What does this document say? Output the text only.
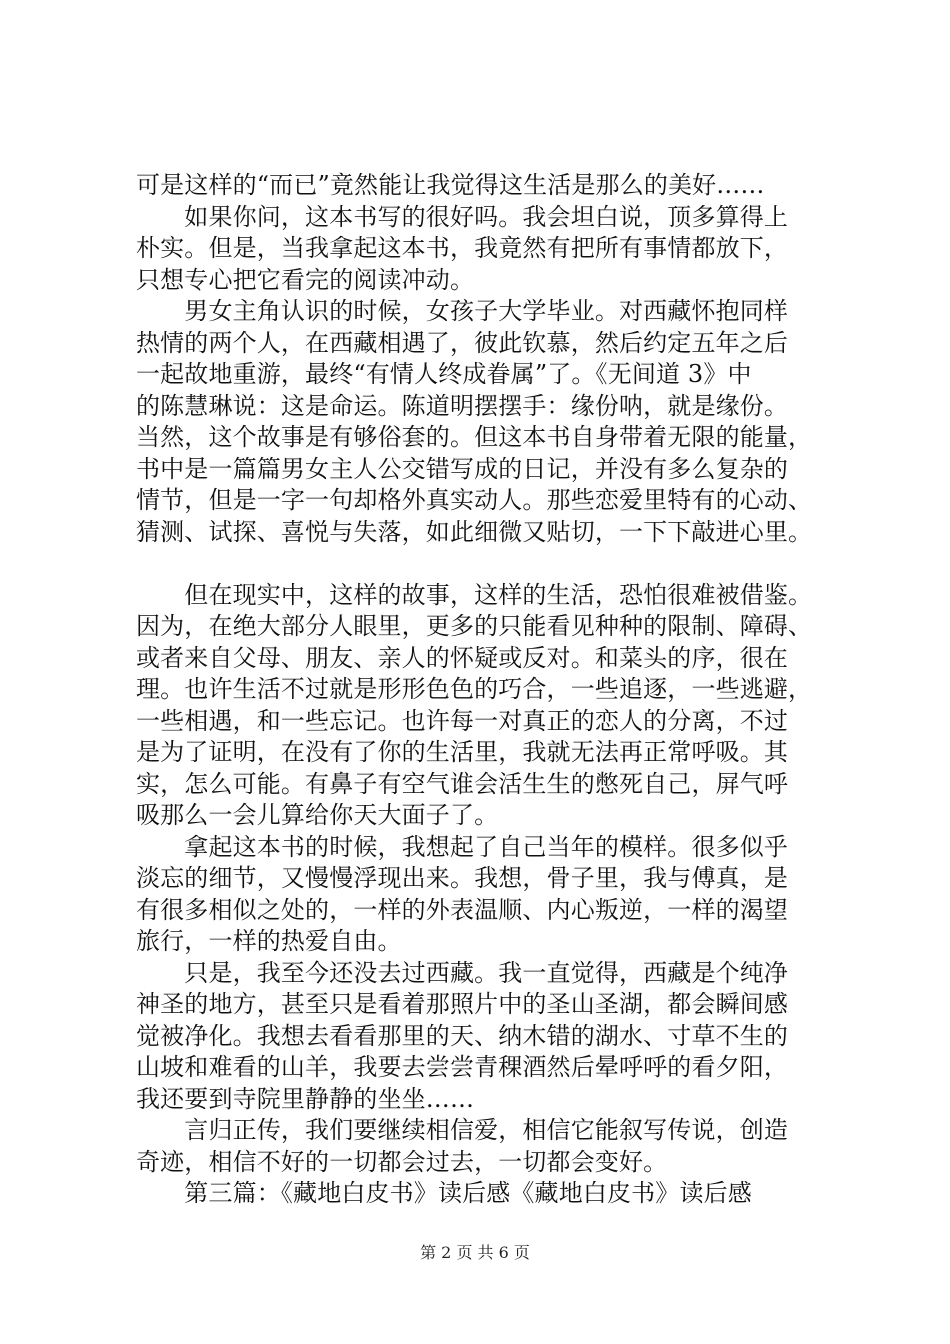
可是这样的“而已”竟然能让我觉得这生活是那么的美好……
　　如果你问，这本书写的很好吗。我会坦白说，顶多算得上
朴实。但是，当我拿起这本书，我竟然有把所有事情都放下，
只想专心把它看完的阅读冲动。
　　男女主角认识的时候，女孩子大学毕业。对西藏怀抱同样
热情的两个人，在西藏相遇了，彼此钦慕，然后约定五年之后
一起故地重游，最终“有情人终成眷属”了。《无间道 3》中
的陈慧琳说：这是命运。陈道明摆摆手：缘份呐，就是缘份。
当然，这个故事是有够俗套的。但这本书自身带着无限的能量，
书中是一篇篇男女主人公交错写成的日记，并没有多么复杂的
情节，但是一字一句却格外真实动人。那些恋爱里特有的心动、
猜测、试探、喜悦与失落，如此细微又贴切，一下下敲进心里。
　　但在现实中，这样的故事，这样的生活，恐怕很难被借鉴。
因为，在绝大部分人眼里，更多的只能看见种种的限制、障碍、
或者来自父母、朋友、亲人的怀疑或反对。和菜头的序，很在
理。也许生活不过就是形形色色的巧合，一些追逐，一些逃避，
一些相遇，和一些忘记。也许每一对真正的恋人的分离，不过
是为了证明，在没有了你的生活里，我就无法再正常呼吸。其
实，怎么可能。有鼻子有空气谁会活生生的憋死自己，屏气呼
吸那么一会儿算给你天大面子了。
　　拿起这本书的时候，我想起了自己当年的模样。很多似乎
淡忘的细节，又慢慢浮现出来。我想，骨子里，我与傅真，是
有很多相似之处的，一样的外表温顺、内心叛逆，一样的渴望
旅行，一样的热爱自由。
　　只是，我至今还没去过西藏。我一直觉得，西藏是个纯净
神圣的地方，甚至只是看着那照片中的圣山圣湖，都会瞬间感
觉被净化。我想去看看那里的天、纳木错的湖水、寸草不生的
山坡和难看的山羊，我要去尝尝青稞酒然后晕呼呼的看夕阳，
我还要到寺院里静静的坐坐……
　　言归正传，我们要继续相信爱，相信它能叙写传说，创造
奇迹，相信不好的一切都会过去，一切都会变好。
　　第三篇：《藏地白皮书》读后感《藏地白皮书》读后感
第 2 页 共 6 页
